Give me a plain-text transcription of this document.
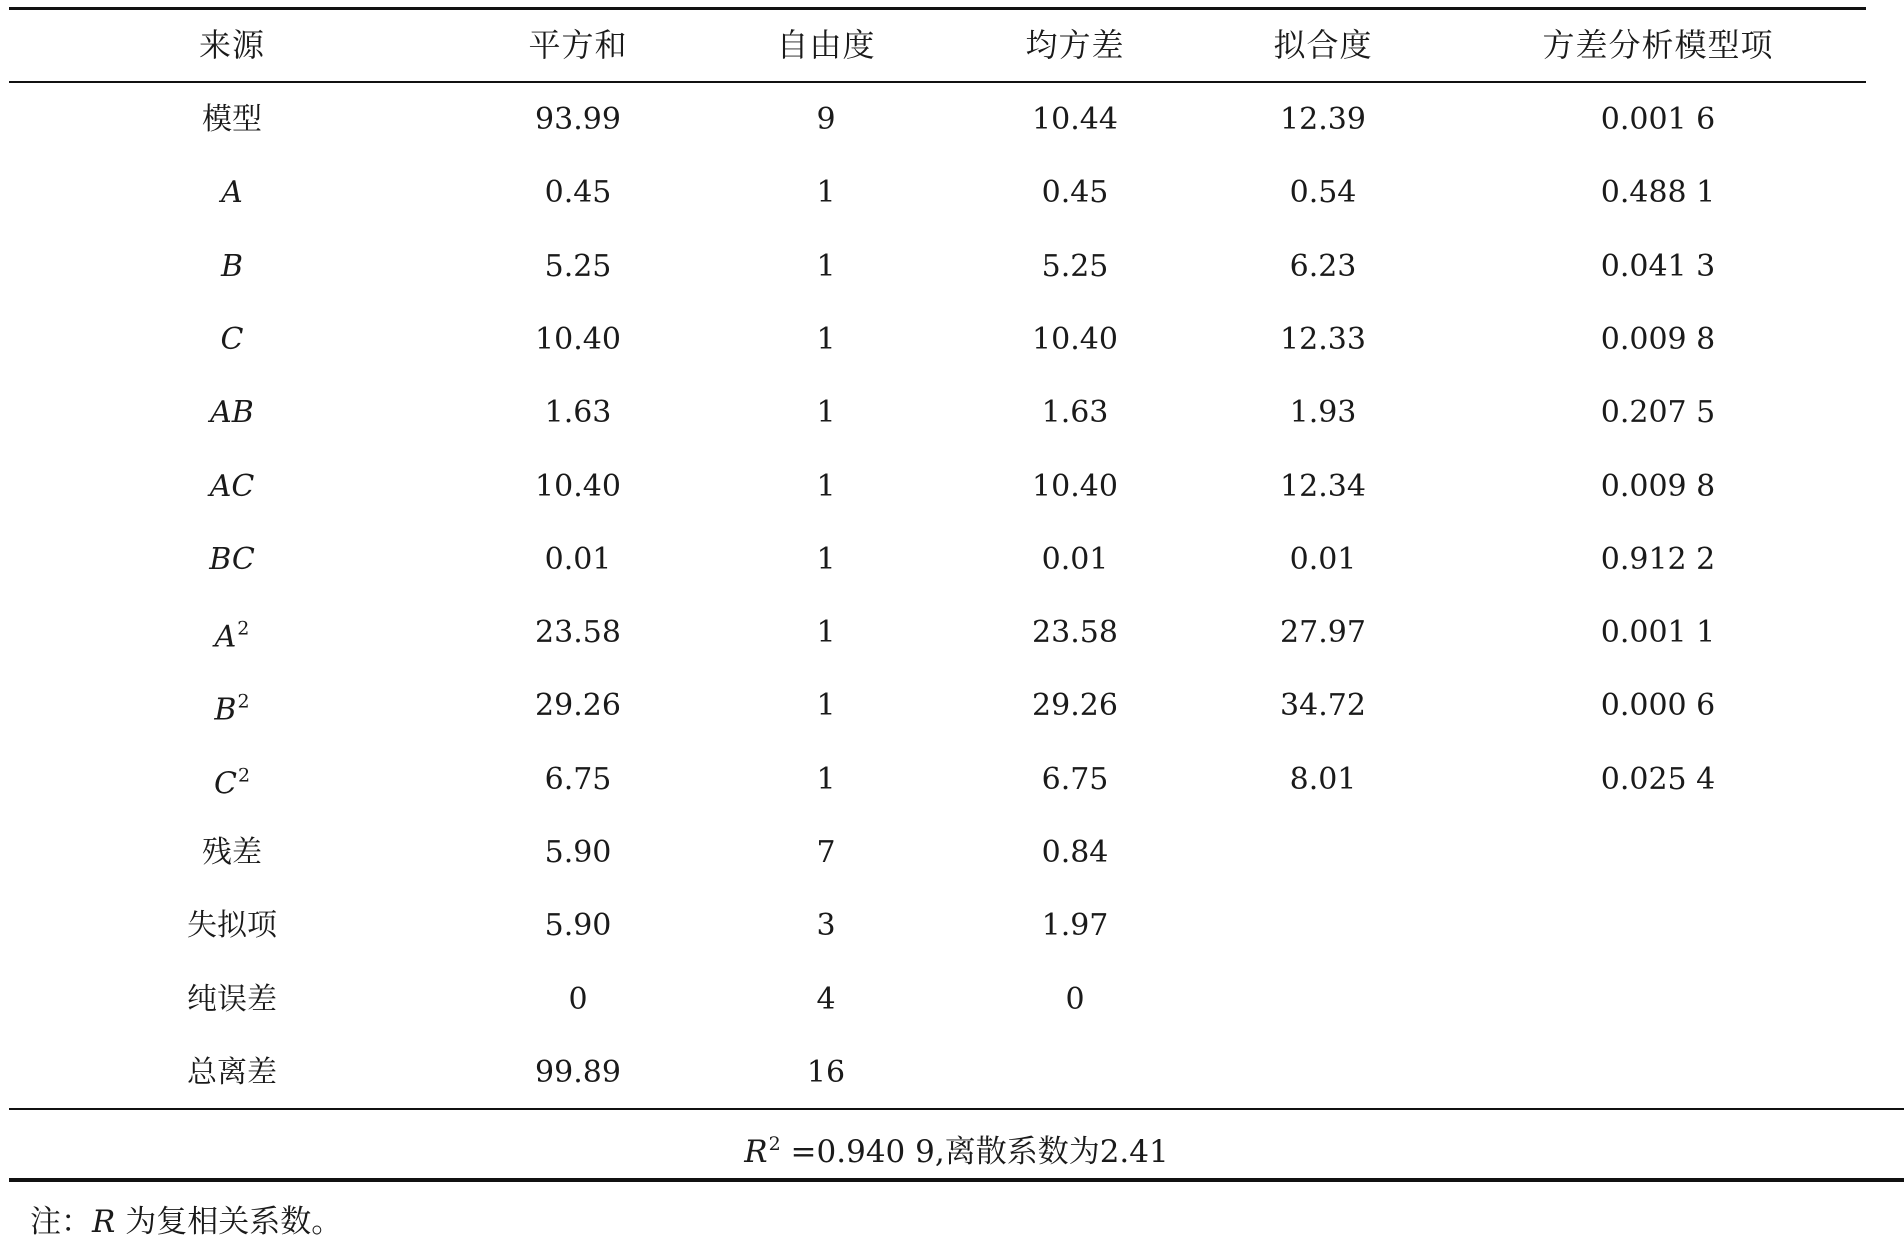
来源	平方和	自由度	均方差	拟合度	方差分析模型项
模型	93.99	9	10.44	12.39	0.001 6
A	0.45	1	0.45	0.54	0.488 1
B	5.25	1	5.25	6.23	0.041 3
C	10.40	1	10.40	12.33	0.009 8
AB	1.63	1	1.63	1.93	0.207 5
AC	10.40	1	10.40	12.34	0.009 8
BC	0.01	1	0.01	0.01	0.912 2
$A^2$	23.58	1	23.58	27.97	0.001 1
$B^2$	29.26	1	29.26	34.72	0.000 6
$C^2$	6.75	1	6.75	8.01	0.025 4
残差	5.90	7	0.84
失拟项	5.90	3	1.97
纯误差	0	4	0
总离差	99.89	16
$R^2 =0.940$ 9,离散系数为2.41
注：R 为复相关系数。
